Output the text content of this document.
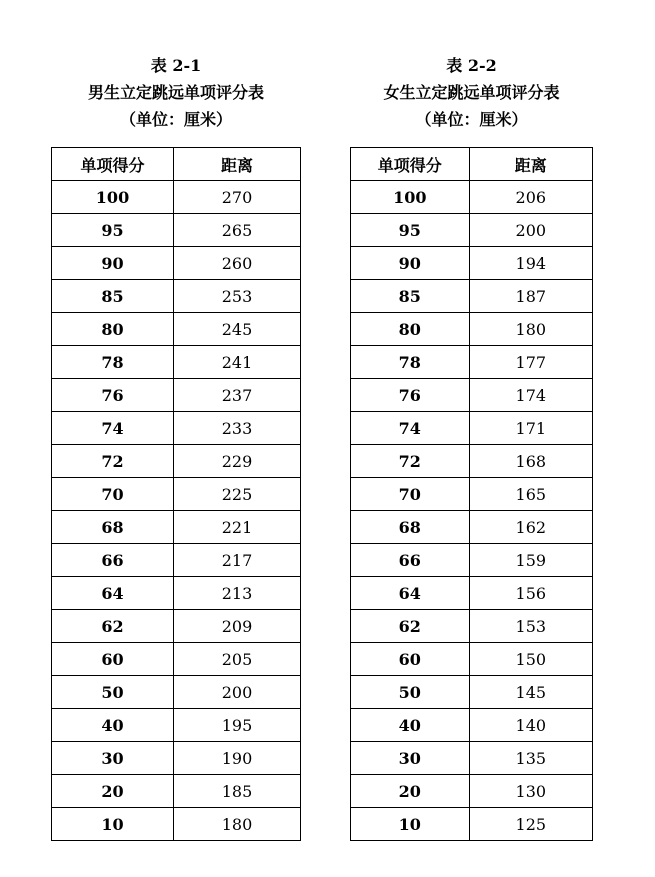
表 2-1
男生立定跳远单项评分表
（单位：厘米）
单项得分	距离
100	270
95	265
90	260
85	253
80	245
78	241
76	237
74	233
72	229
70	225
68	221
66	217
64	213
62	209
60	205
50	200
40	195
30	190
20	185
10	180
表 2-2
女生立定跳远单项评分表
（单位：厘米）
单项得分	距离
100	206
95	200
90	194
85	187
80	180
78	177
76	174
74	171
72	168
70	165
68	162
66	159
64	156
62	153
60	150
50	145
40	140
30	135
20	130
10	125
